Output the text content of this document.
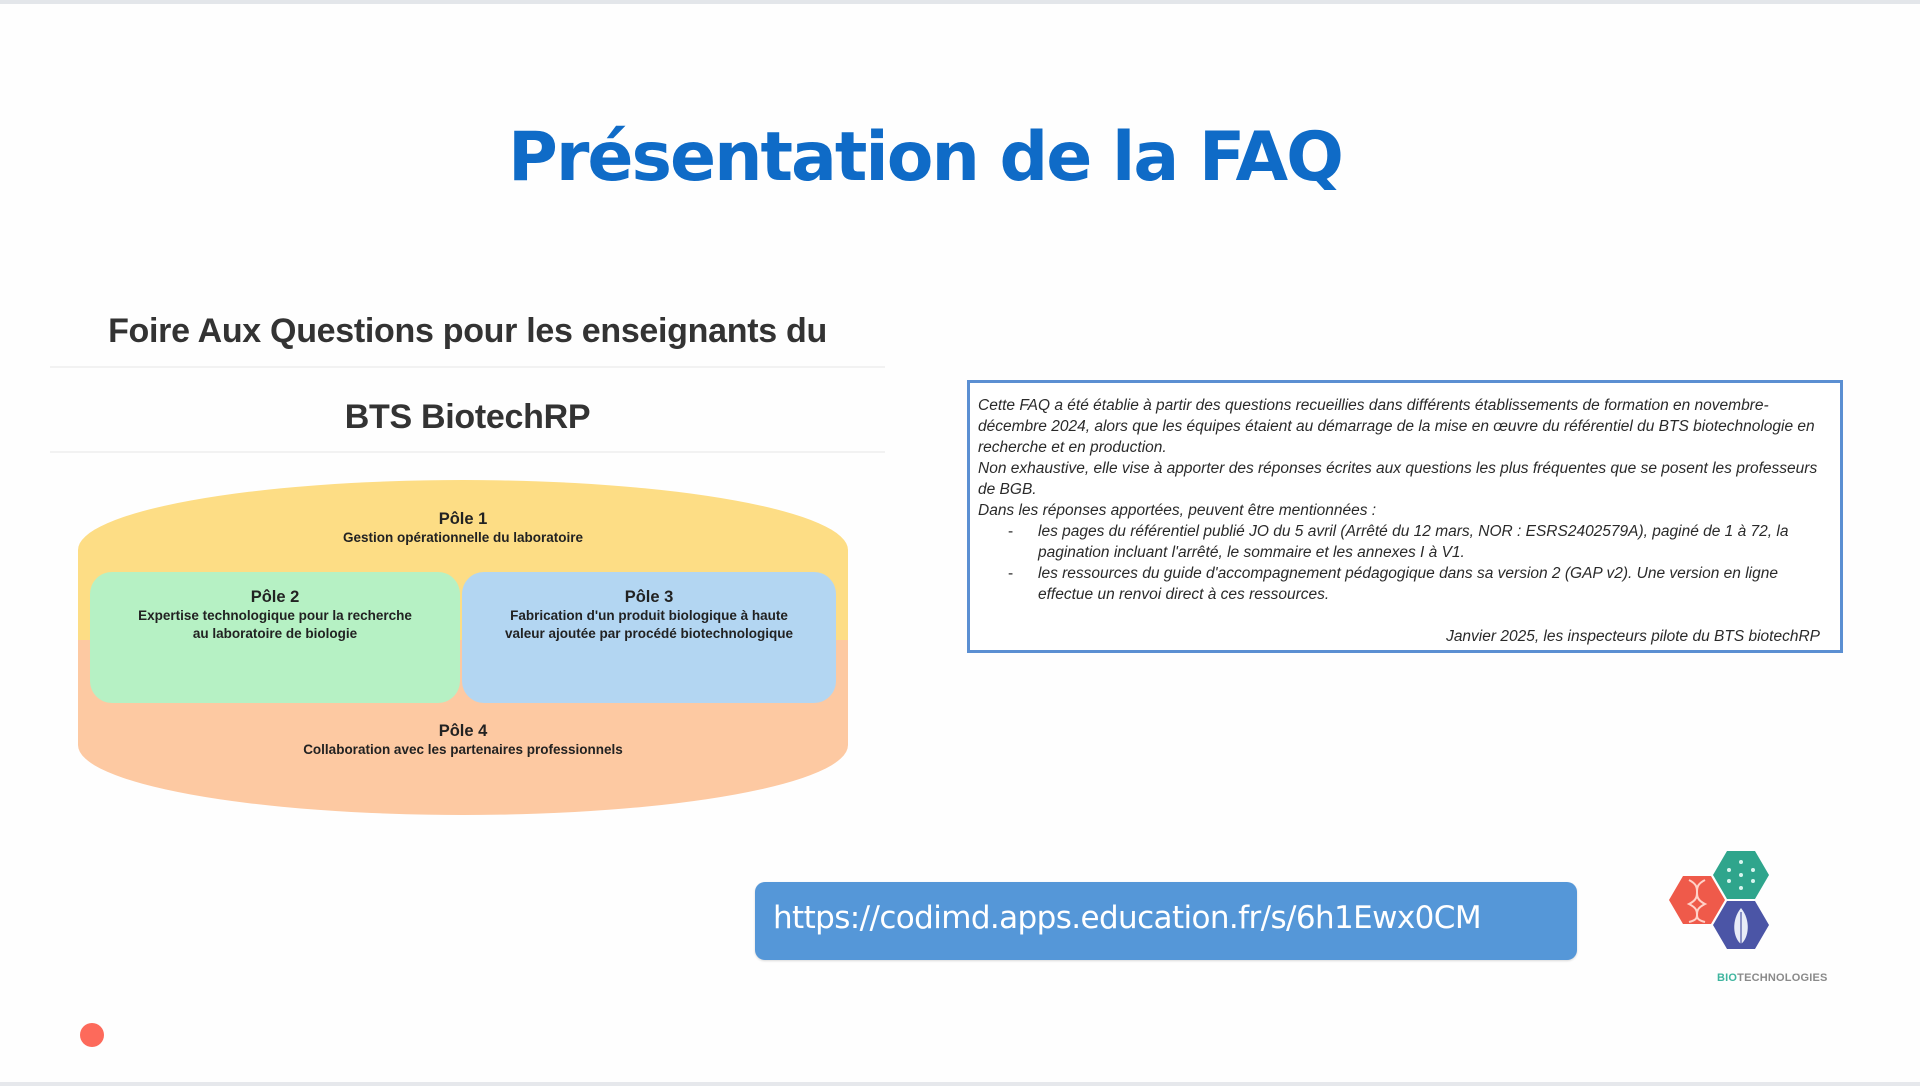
Présentation de la FAQ
Foire Aux Questions pour les enseignants du
BTS BiotechRP
Pôle 1
Gestion opérationnelle du laboratoire
Pôle 2
Expertise technologique pour la recherche au laboratoire de biologie
Pôle 3
Fabrication d'un produit biologique à haute valeur ajoutée par procédé biotechnologique
Pôle 4
Collaboration avec les partenaires professionnels

Cette FAQ a été établie à partir des questions recueillies dans différents établissements de formation en novembre-décembre 2024, alors que les équipes étaient au démarrage de la mise en œuvre du référentiel du BTS biotechnologie en recherche et en production.

Non exhaustive, elle vise à apporter des réponses écrites aux questions les plus fréquentes que se posent les professeurs de BGB.

Dans les réponses apportées, peuvent être mentionnées :

- les pages du référentiel publié JO du 5 avril (Arrêté du 12 mars, NOR : ESRS2402579A), paginé de 1 à 72, la pagination incluant l'arrêté, le sommaire et les annexes I à V1.
- les ressources du guide d'accompagnement pédagogique dans sa version 2 (GAP v2). Une version en ligne effectue un renvoi direct à ces ressources.

Janvier 2025, les inspecteurs pilote du BTS biotechRP

https://codimd.apps.education.fr/s/6h1Ewx0CM
BIOTECHNOLOGIES
